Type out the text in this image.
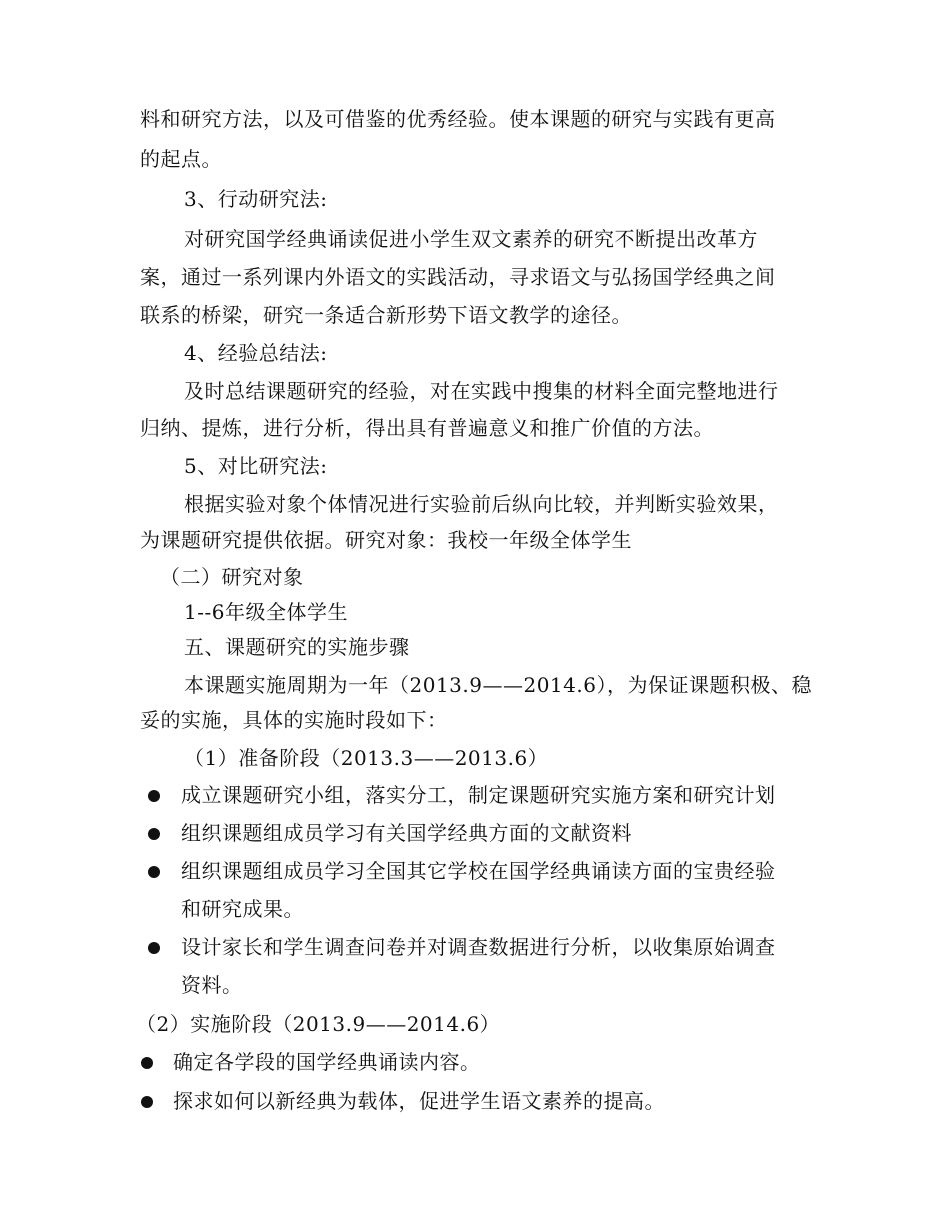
料和研究方法，以及可借鉴的优秀经验。使本课题的研究与实践有更高
的起点。
3、行动研究法:
对研究国学经典诵读促进小学生双文素养的研究不断提出改革方
案，通过一系列课内外语文的实践活动，寻求语文与弘扬国学经典之间
联系的桥梁，研究一条适合新形势下语文教学的途径。
4、经验总结法:
及时总结课题研究的经验，对在实践中搜集的材料全面完整地进行
归纳、提炼，进行分析，得出具有普遍意义和推广价值的方法。
5、对比研究法:
根据实验对象个体情况进行实验前后纵向比较，并判断实验效果，
为课题研究提供依据。研究对象：我校一年级全体学生
（二）研究对象
1--6年级全体学生
五、课题研究的实施步骤
本课题实施周期为一年（2013.9——2014.6），为保证课题积极、稳
妥的实施，具体的实施时段如下：
（1）准备阶段（2013.3——2013.6）
成立课题研究小组，落实分工，制定课题研究实施方案和研究计划
组织课题组成员学习有关国学经典方面的文献资料
组织课题组成员学习全国其它学校在国学经典诵读方面的宝贵经验
和研究成果。
设计家长和学生调查问卷并对调查数据进行分析，以收集原始调查
资料。
（2）实施阶段（2013.9——2014.6）
确定各学段的国学经典诵读内容。
探求如何以新经典为载体，促进学生语文素养的提高。
